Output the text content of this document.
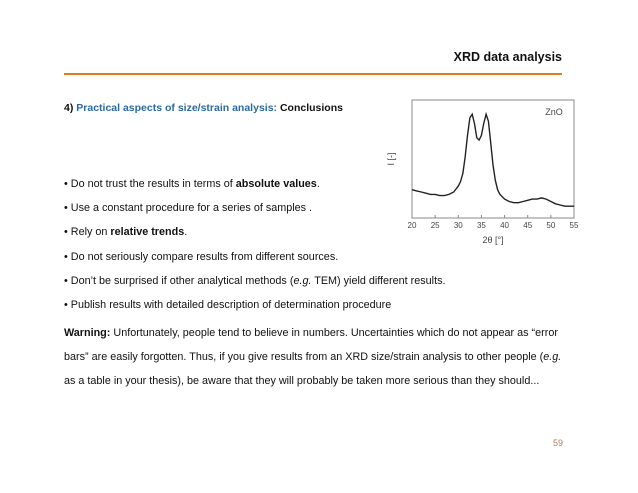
XRD data analysis
4) Practical aspects of size/strain analysis: Conclusions
• Do not trust the results in terms of absolute values.
• Use a constant procedure for a series of samples .
• Rely on relative trends.
• Do not seriously compare results from different sources.
• Don’t be surprised if other analytical methods (e.g. TEM) yield different results.
• Publish results with detailed description of determination procedure

Warning: Unfortunately, people tend to believe in numbers. Uncertainties which do not appear as “error bars” are easily forgotten. Thus, if you give results from an XRD size/strain analysis to other people (e.g. as a table in your thesis), be aware that they will probably be taken more serious than they should...

ZnO
I [-]
20 25 30 35 40 45 50 55
2θ [°]
59
